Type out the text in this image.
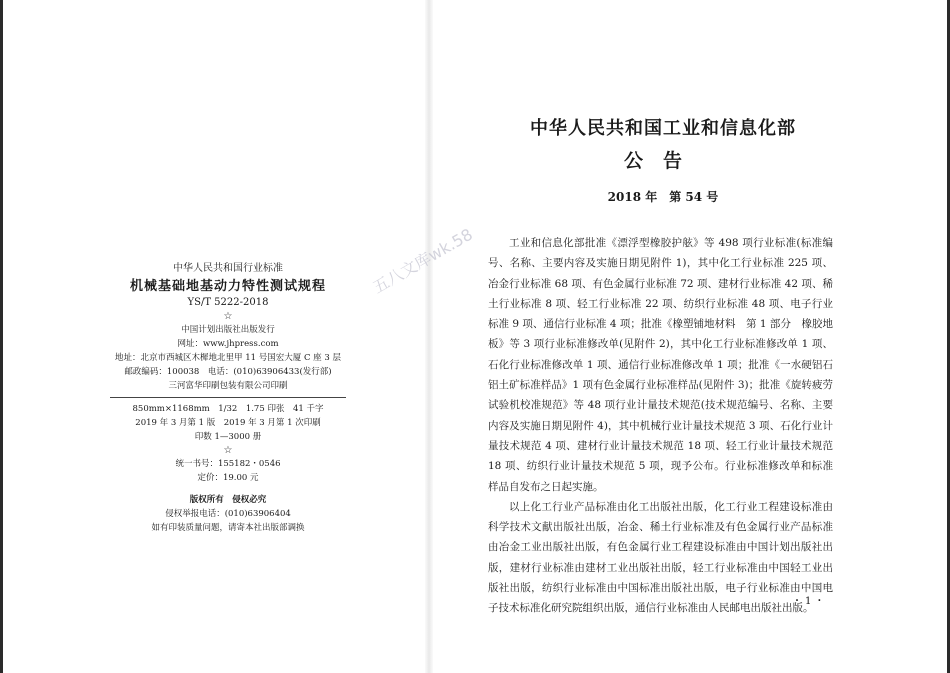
中华人民共和国行业标准
机械基础地基动力特性测试规程
YS/T 5222-2018
☆
中国计划出版社出版发行
网址：www.jhpress.com
地址：北京市西城区木樨地北里甲 11 号国宏大厦 C 座 3 层
邮政编码：100038　电话：(010)63906433(发行部)
三河富华印刷包装有限公司印刷
850mm×1168mm　1/32　1.75 印张　41 千字
2019 年 3 月第 1 版　2019 年 3 月第 1 次印刷
印数 1—3000 册
☆
统一书号：155182・0546
定价：19.00 元
版权所有　侵权必究
侵权举报电话：(010)63906404
如有印装质量问题，请寄本社出版部调换
中华人民共和国工业和信息化部
公告
2018 年　第 54 号

工业和信息化部批准《漂浮型橡胶护舷》等 498 项行业标准(标准编号、名称、主要内容及实施日期见附件 1)，其中化工行业标准 225 项、冶金行业标准 68 项、有色金属行业标准 72 项、建材行业标准 42 项、稀土行业标准 8 项、轻工行业标准 22 项、纺织行业标准 48 项、电子行业标准 9 项、通信行业标准 4 项；批准《橡塑铺地材料　第 1 部分　橡胶地板》等 3 项行业标准修改单(见附件 2)，其中化工行业标准修改单 1 项、石化行业标准修改单 1 项、通信行业标准修改单 1 项；批准《一水硬铝石铝土矿标准样品》1 项有色金属行业标准样品(见附件 3)；批准《旋转疲劳试验机校准规范》等 48 项行业计量技术规范(技术规范编号、名称、主要内容及实施日期见附件 4)，其中机械行业计量技术规范 3 项、石化行业计量技术规范 4 项、建材行业计量技术规范 18 项、轻工行业计量技术规范 18 项、纺织行业计量技术规范 5 项，现予公布。行业标准修改单和标准样品自发布之日起实施。

以上化工行业产品标准由化工出版社出版，化工行业工程建设标准由科学技术文献出版社出版，冶金、稀土行业标准及有色金属行业产品标准由冶金工业出版社出版，有色金属行业工程建设标准由中国计划出版社出版，建材行业标准由建材工业出版社出版，轻工行业标准由中国轻工业出版社出版，纺织行业标准由中国标准出版社出版，电子行业标准由中国电子技术标准化研究院组织出版，通信行业标准由人民邮电出版社出版。

・1・
五八文库wk.58
